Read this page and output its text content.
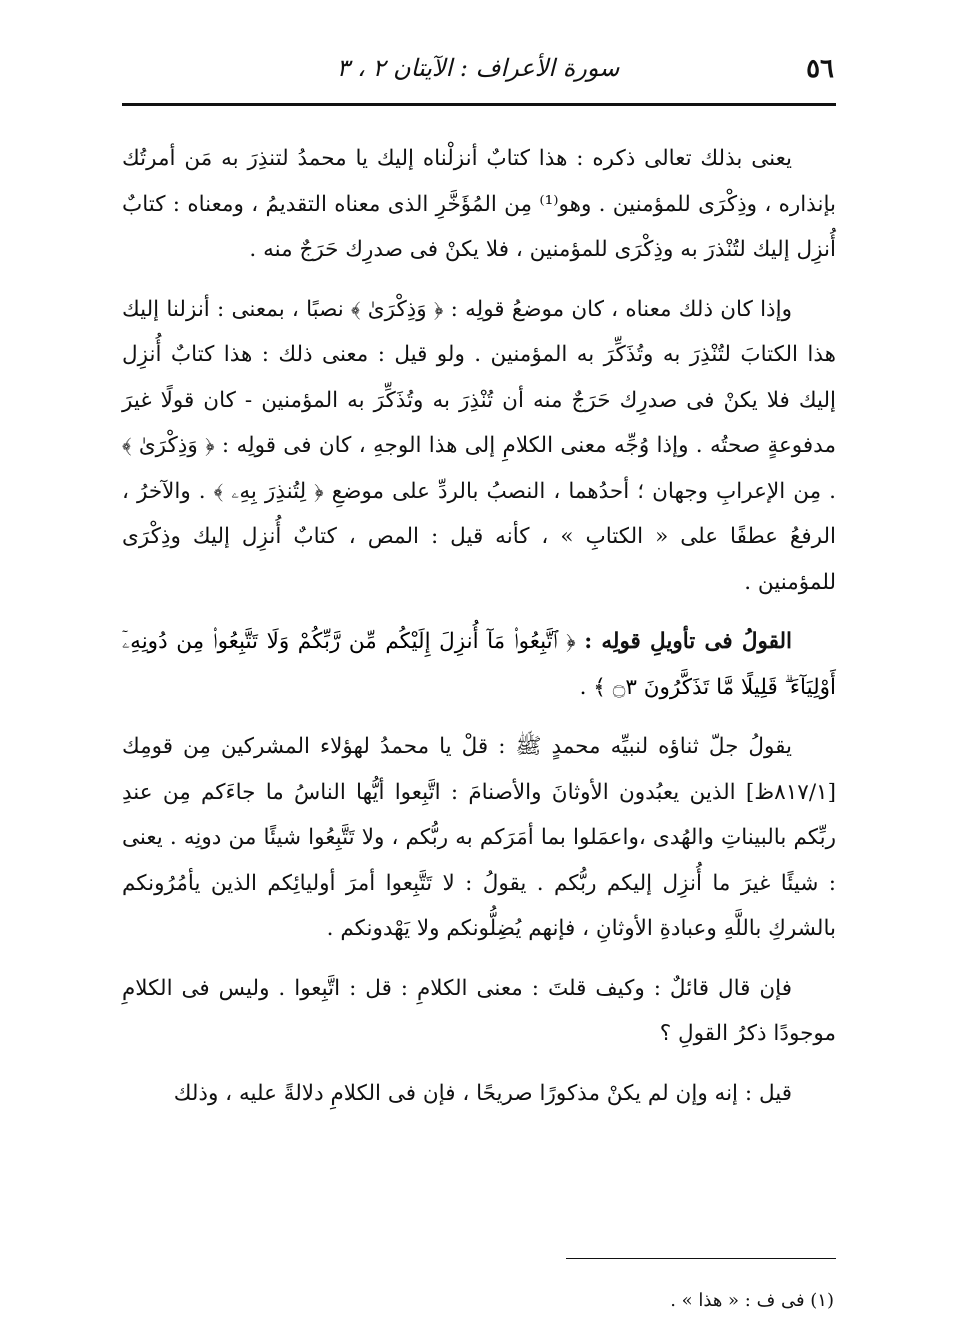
٥٦
سورة الأعراف : الآيتان ٢ ، ٣

يعنى بذلك تعالى ذكره : هذا كتابٌ أنزلْناه إليك يا محمدُ لتنذِرَ به مَن أمرتُك بإنذاره ، وذِكْرَى للمؤمنين . وهو⁽¹⁾ مِن المُؤَخَّرِ الذى معناه التقديمُ ، ومعناه : كتابٌ أُنزِل إليك لتُنْذرَ به وذِكْرَى للمؤمنين ، فلا يكنْ فى صدرِك حَرَجٌ منه .

وإذا كان ذلك معناه ، كان موضعُ قولِه : ﴿ وَذِكْرَىٰ ﴾ نصبًا ، بمعنى : أنزلنا إليك هذا الكتابَ لتُنْذِرَ به وتُذَكِّرَ به المؤمنين . ولو قيل : معنى ذلك : هذا كتابٌ أُنزِل إليك فلا يكنْ فى صدرِك حَرَجٌ منه أن تُنْذِرَ به وتُذَكِّرَ به المؤمنين - كان قولًا غيرَ مدفوعةٍ صحتُه . وإذا وُجِّه معنى الكلامِ إلى هذا الوجهِ ، كان فى قولِه : ﴿ وَذِكْرَىٰ ﴾ . مِن الإعرابِ وجهان ؛ أحدُهما ، النصبُ بالردِّ على موضعِ ﴿ لِتُنذِرَ بِهِۦ ﴾ . والآخرُ ، الرفعُ عطفًا على « الكتابِ » ، كأنه قيل : المص ، كتابٌ أُنزِل إليك وذِكْرَى للمؤمنين .

القولُ فى تأويلِ قولِه : ﴿ ٱتَّبِعُوا۟ مَآ أُنزِلَ إِلَيْكُم مِّن رَّبِّكُمْ وَلَا تَتَّبِعُوا۟ مِن دُونِهِۦٓ أَوْلِيَآءَ ۗ قَلِيلًا مَّا تَذَكَّرُونَ ۝٣ ﴾ .

يقولُ جلّ ثناؤه لنبيِّه محمدٍ ﷺ : قلْ يا محمدُ لهؤلاء المشركين مِن قومِك [٨١٧/١ظ] الذين يعبُدون الأوثانَ والأصنامَ : اتَّبِعوا أيُّها الناسُ ما جاءَكم مِن عندِ ربِّكم بالبيناتِ والهُدى ،واعمَلوا بما أمَرَكم به ربُّكم ، ولا تَتَّبِعُوا شيئًا من دونِه . يعنى : شيئًا غيرَ ما أُنزِل إليكم ربُّكم . يقولُ : لا تَتَّبِعوا أمرَ أوليائِكم الذين يأمُرُونكم بالشركِ باللَّهِ وعبادةِ الأوثانِ ، فإنهم يُضِلُّونكم ولا يَهْدونكم .

فإن قال قائلٌ : وكيف قلتَ : معنى الكلامِ : قل : اتَّبِعوا . وليس فى الكلامِ موجودًا ذكرُ القولِ ؟

قيل : إنه وإن لم يكنْ مذكورًا صريحًا ، فإن فى الكلامِ دلالةً عليه ، وذلك

(١) فى ف : « هذا » .
